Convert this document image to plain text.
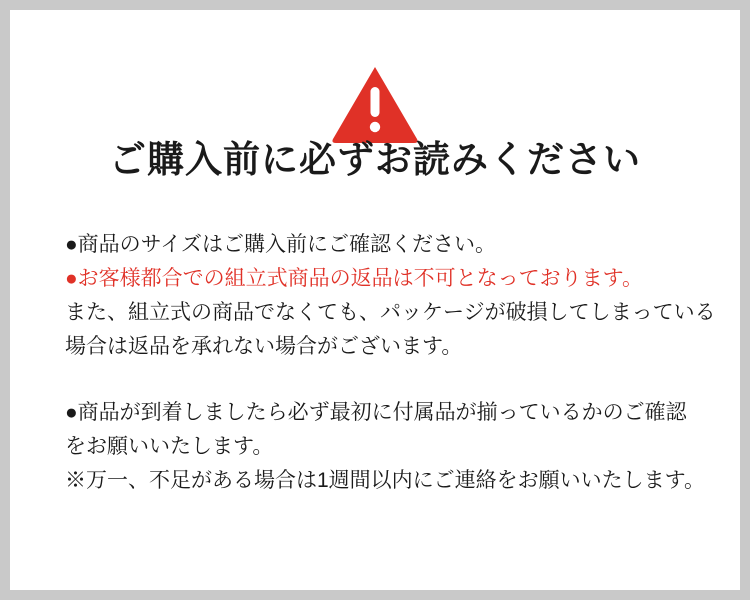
ご購入前に必ずお読みください
●商品のサイズはご購入前にご確認ください。
●お客様都合での組立式商品の返品は不可となっております。
また、組立式の商品でなくても、パッケージが破損してしまっている
場合は返品を承れない場合がございます。
●商品が到着しましたら必ず最初に付属品が揃っているかのご確認
をお願いいたします。
※万一、不足がある場合は1週間以内にご連絡をお願いいたします。
